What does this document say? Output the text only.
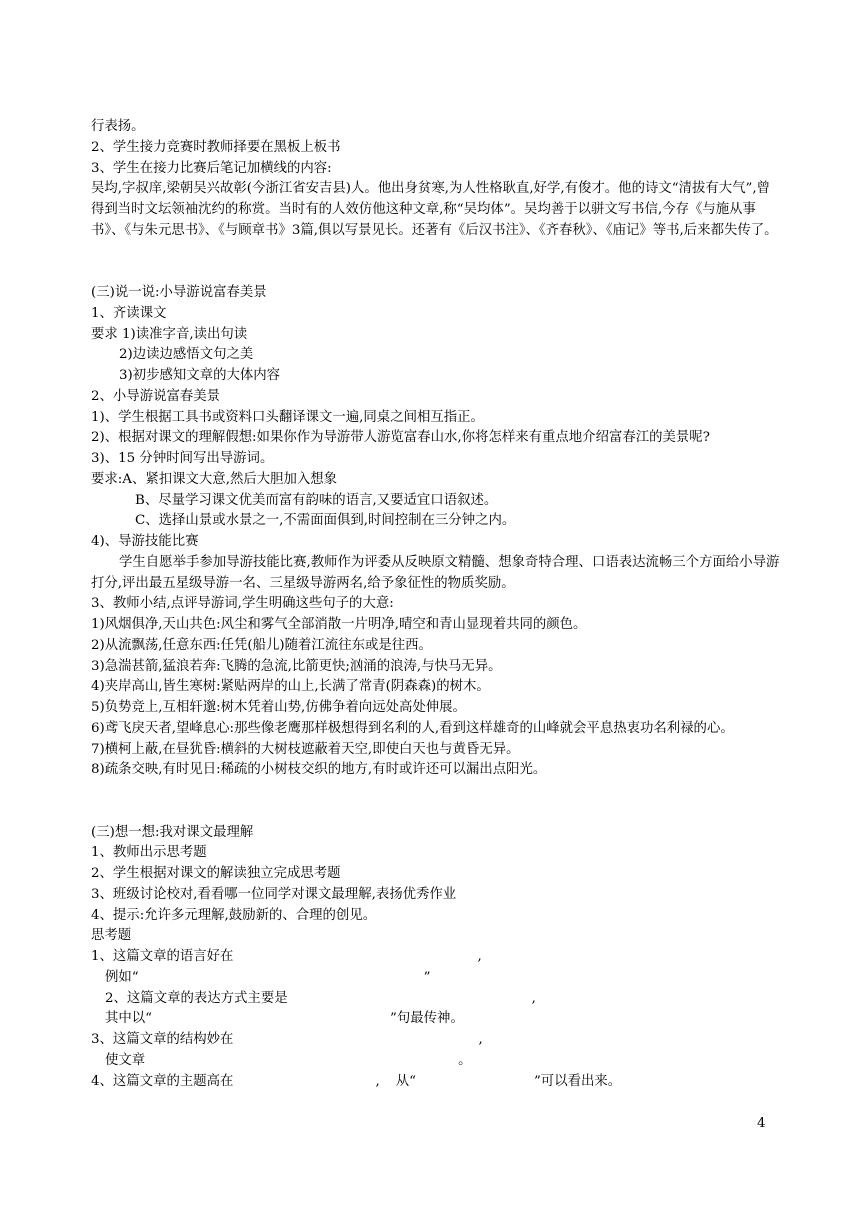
行表扬。

2、学生接力竞赛时教师择要在黑板上板书

3、学生在接力比赛后笔记加横线的内容:

吴均,字叔庠,梁朝吴兴故彰(今浙江省安吉县)人。他出身贫寒,为人性格耿直,好学,有俊才。他的诗文“清拔有大气”,曾得到当时文坛领袖沈约的称赏。当时有的人效仿他这种文章,称“吴均体”。吴均善于以骈文写书信,今存《与施从事书》、《与朱元思书》、《与顾章书》3篇,俱以写景见长。还著有《后汉书注》、《齐春秋》、《庙记》等书,后来都失传了。

(三)说一说:小导游说富春美景

1、齐读课文

要求 1)读准字音,读出句读

2)边读边感悟文句之美

3)初步感知文章的大体内容

2、小导游说富春美景

1)、学生根据工具书或资料口头翻译课文一遍,同桌之间相互指正。

2)、根据对课文的理解假想:如果你作为导游带人游览富春山水,你将怎样来有重点地介绍富春江的美景呢?

3)、15 分钟时间写出导游词。

要求:A、紧扣课文大意,然后大胆加入想象

B、尽量学习课文优美而富有韵味的语言,又要适宜口语叙述。

C、选择山景或水景之一,不需面面俱到,时间控制在三分钟之内。

4)、导游技能比赛

学生自愿举手参加导游技能比赛,教师作为评委从反映原文精髓、想象奇特合理、口语表达流畅三个方面给小导游打分,评出最五星级导游一名、三星级导游两名,给予象征性的物质奖励。

3、教师小结,点评导游词,学生明确这些句子的大意:

1)风烟俱净,天山共色:风尘和雾气全部消散一片明净,晴空和青山显现着共同的颜色。

2)从流飘荡,任意东西:任凭(船儿)随着江流往东或是往西。

3)急湍甚箭,猛浪若奔:飞腾的急流,比箭更快;汹涌的浪涛,与快马无异。

4)夹岸高山,皆生寒树:紧贴两岸的山上,长满了常青(阴森森)的树木。

5)负势竞上,互相轩邈:树木凭着山势,仿佛争着向远处高处伸展。

6)鸢飞戾天者,望峰息心:那些像老鹰那样极想得到名利的人,看到这样雄奇的山峰就会平息热衷功名利禄的心。

7)横柯上蔽,在昼犹昏:横斜的大树枝遮蔽着天空,即使白天也与黄昏无异。

8)疏条交映,有时见日:稀疏的小树枝交织的地方,有时或许还可以漏出点阳光。

(三)想一想:我对课文最理解

1、教师出示思考题

2、学生根据对课文的解读独立完成思考题

3、班级讨论校对,看看哪一位同学对课文最理解,表扬优秀作业

4、提示:允许多元理解,鼓励新的、合理的创见。

思考题

1、这篇文章的语言好在	,

例如“	”

2、这篇文章的表达方式主要是	,

其中以“	”句最传神。

3、这篇文章的结构妙在	,

使文章	。

4、这篇文章的主题高在	, 从“	”可以看出来。

4
